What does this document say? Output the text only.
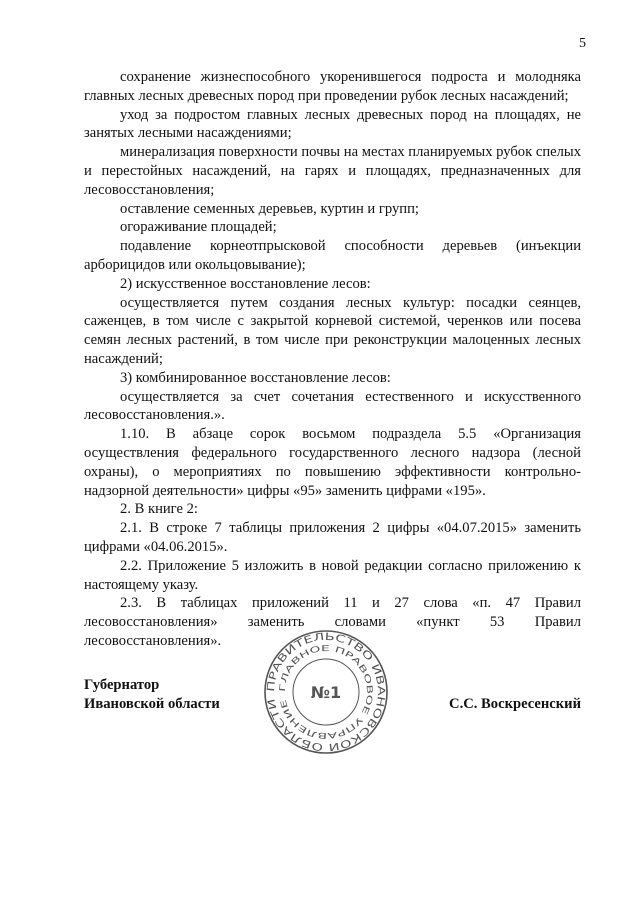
5

сохранение жизнеспособного укоренившегося подроста и молодняка главных лесных древесных пород при проведении рубок лесных насаждений;

уход за подростом главных лесных древесных пород на площадях, не занятых лесными насаждениями;

минерализация поверхности почвы на местах планируемых рубок спелых и перестойных насаждений, на гарях и площадях, предназначенных для лесовосстановления;

оставление семенных деревьев, куртин и групп;

огораживание площадей;

подавление корнеотпрысковой способности деревьев (инъекции арборицидов или окольцовывание);

2) искусственное восстановление лесов:

осуществляется путем создания лесных культур: посадки сеянцев, саженцев, в том числе с закрытой корневой системой, черенков или посева семян лесных растений, в том числе при реконструкции малоценных лесных насаждений;

3) комбинированное восстановление лесов:

осуществляется за счет сочетания естественного и искусственного лесовосстановления.».

1.10. В абзаце сорок восьмом подраздела 5.5 «Организация осуществления федерального государственного лесного надзора (лесной охраны), о мероприятиях по повышению эффективности контрольно-надзорной деятельности» цифры «95» заменить цифрами «195».

2. В книге 2:

2.1. В строке 7 таблицы приложения 2 цифры «04.07.2015» заменить цифрами «04.06.2015».

2.2. Приложение 5 изложить в новой редакции согласно приложению к настоящему указу.

2.3. В таблицах приложений 11 и 27 слова «п. 47 Правил лесовосстановления» заменить словами «пункт 53 Правил лесовосстановления».

Губернатор
Ивановской области	С.С. Воскресенский
ПРАВИТЕЛЬСТВО ИВАНОВСКОЙ ОБЛАСТИ
ГЛАВНОЕ ПРАВОВОЕ УПРАВЛЕНИЕ
№1
